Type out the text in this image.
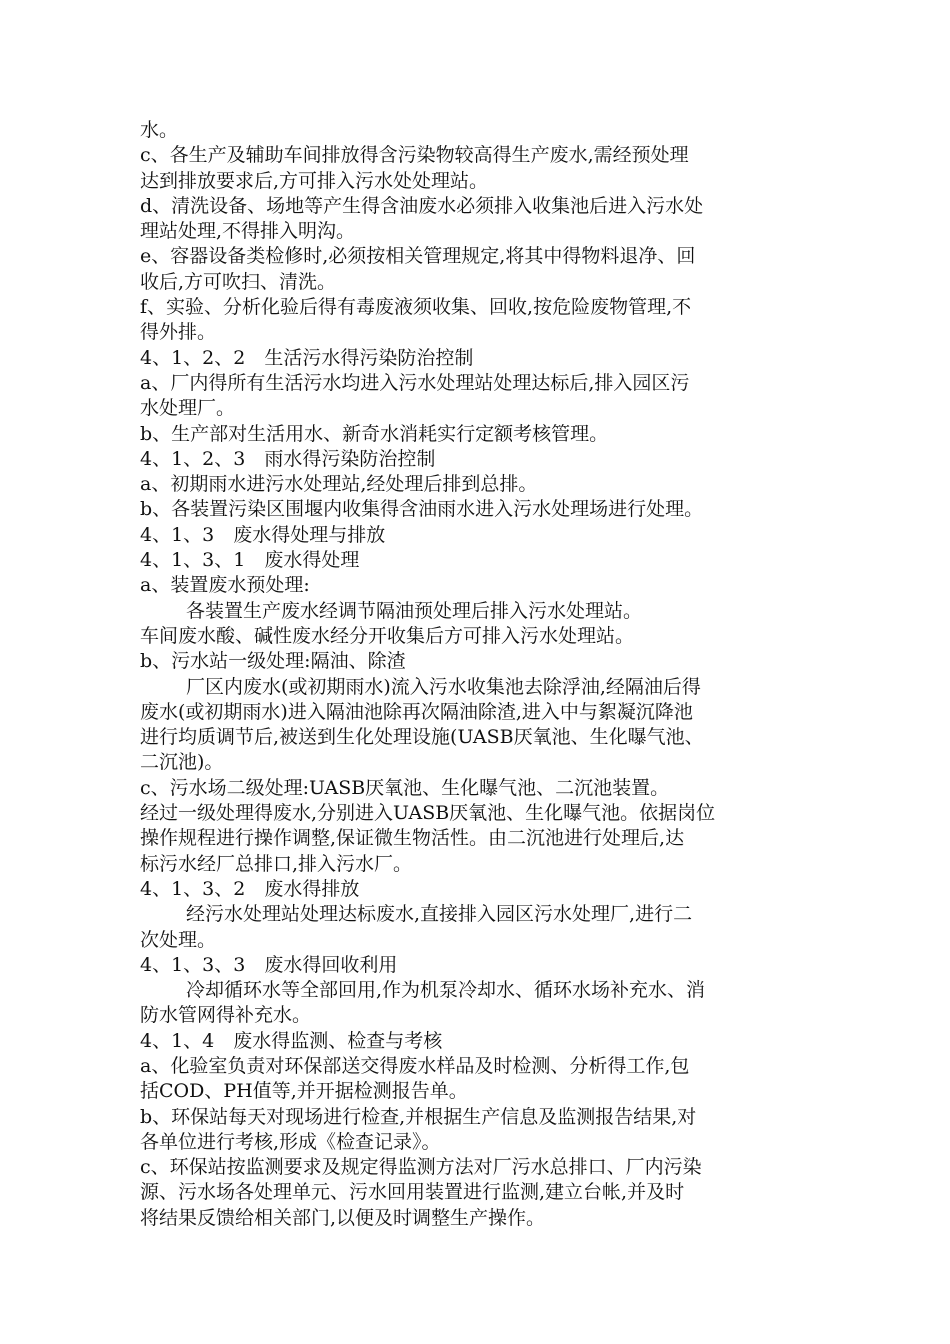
水。
c、各生产及辅助车间排放得含污染物较高得生产废水,需经预处理
达到排放要求后,方可排入污水处处理站。
d、清洗设备、场地等产生得含油废水必须排入收集池后进入污水处
理站处理,不得排入明沟。
e、容器设备类检修时,必须按相关管理规定,将其中得物料退净、回
收后,方可吹扫、清洗。
f、实验、分析化验后得有毒废液须收集、回收,按危险废物管理,不
得外排。
4、1、2、2　生活污水得污染防治控制
a、厂内得所有生活污水均进入污水处理站处理达标后,排入园区污
水处理厂。
b、生产部对生活用水、新奇水消耗实行定额考核管理。
4、1、2、3　雨水得污染防治控制
a、初期雨水进污水处理站,经处理后排到总排。
b、各装置污染区围堰内收集得含油雨水进入污水处理场进行处理。
4、1、3　废水得处理与排放
4、1、3、1　废水得处理
a、装置废水预处理:
各装置生产废水经调节隔油预处理后排入污水处理站。
车间废水酸、碱性废水经分开收集后方可排入污水处理站。
b、污水站一级处理:隔油、除渣
厂区内废水(或初期雨水)流入污水收集池去除浮油,经隔油后得
废水(或初期雨水)进入隔油池除再次隔油除渣,进入中与絮凝沉降池
进行均质调节后,被送到生化处理设施(UASB厌氧池、生化曝气池、
二沉池)。
c、污水场二级处理:UASB厌氧池、生化曝气池、二沉池装置。
经过一级处理得废水,分别进入UASB厌氧池、生化曝气池。依据岗位
操作规程进行操作调整,保证微生物活性。由二沉池进行处理后,达
标污水经厂总排口,排入污水厂。
4、1、3、2　废水得排放
经污水处理站处理达标废水,直接排入园区污水处理厂,进行二
次处理。
4、1、3、3　废水得回收利用
冷却循环水等全部回用,作为机泵冷却水、循环水场补充水、消
防水管网得补充水。
4、1、4　废水得监测、检查与考核
a、化验室负责对环保部送交得废水样品及时检测、分析得工作,包
括COD、PH值等,并开据检测报告单。
b、环保站每天对现场进行检查,并根据生产信息及监测报告结果,对
各单位进行考核,形成《检查记录》。
c、环保站按监测要求及规定得监测方法对厂污水总排口、厂内污染
源、污水场各处理单元、污水回用装置进行监测,建立台帐,并及时
将结果反馈给相关部门,以便及时调整生产操作。
